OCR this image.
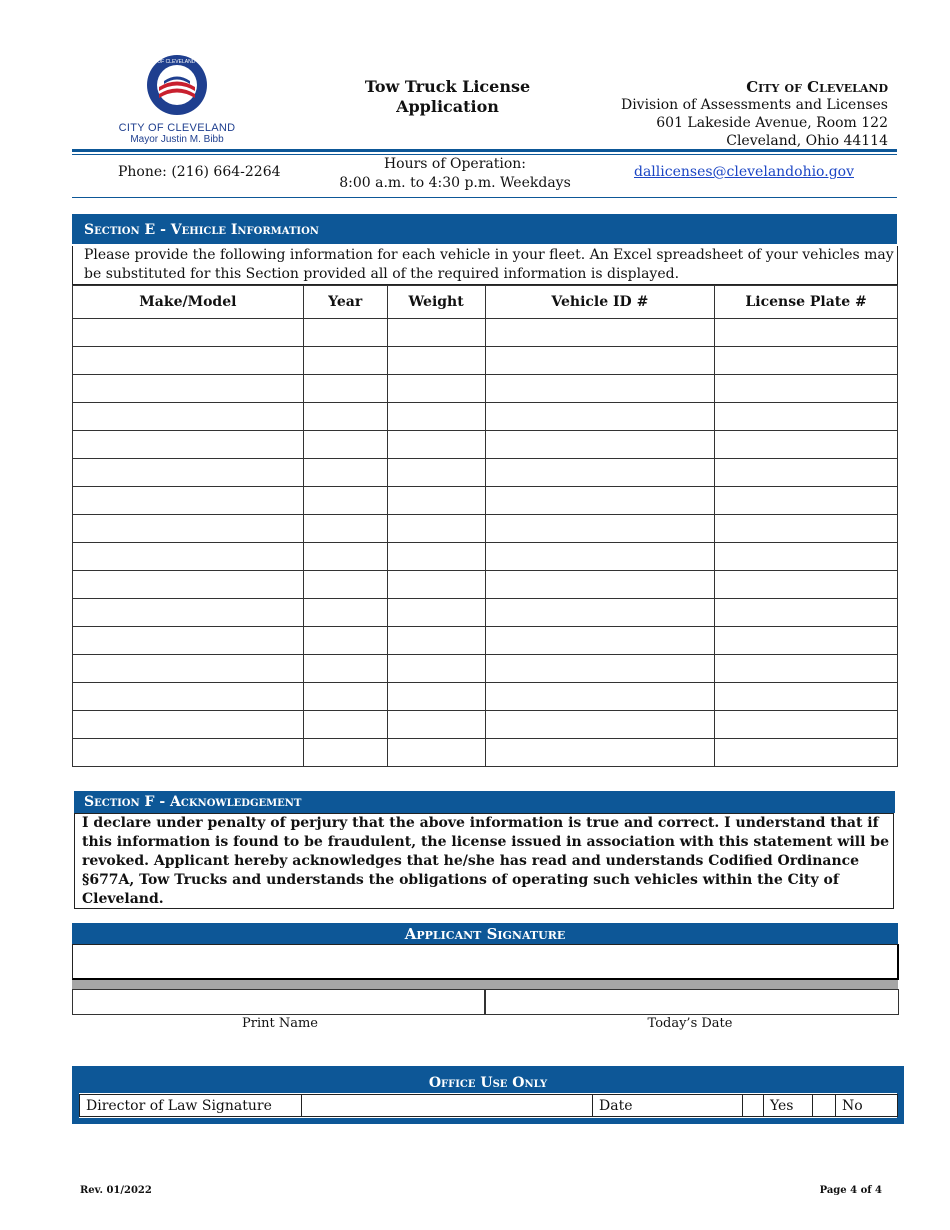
CITY OF CLEVELAND OHIO
CITY OF CLEVELAND
Mayor Justin M. Bibb
Tow Truck License
Application
City of Cleveland
Division of Assessments and Licenses
601 Lakeside Avenue, Room 122
Cleveland, Ohio 44114
Phone: (216) 664-2264	Hours of Operation:
8:00 a.m. to 4:30 p.m. Weekdays
dallicenses@clevelandohio.gov
Section E - Vehicle Information
Please provide the following information for each vehicle in your fleet. An Excel spreadsheet of your vehicles may be substituted for this Section provided all of the required information is displayed.
Make/Model	Year	Weight	Vehicle ID #	License Plate #

Section F - Acknowledgement
I declare under penalty of perjury that the above information is true and correct. I understand that if this information is found to be fraudulent, the license issued in association with this statement will be revoked. Applicant hereby acknowledges that he/she has read and understands Codified Ordinance §677A, Tow Trucks and understands the obligations of operating such vehicles within the City of Cleveland.
Applicant Signature
Print Name	Today’s Date
Office Use Only
Director of Law Signature		Date		Yes		No
Rev. 01/2022	Page 4 of 4
